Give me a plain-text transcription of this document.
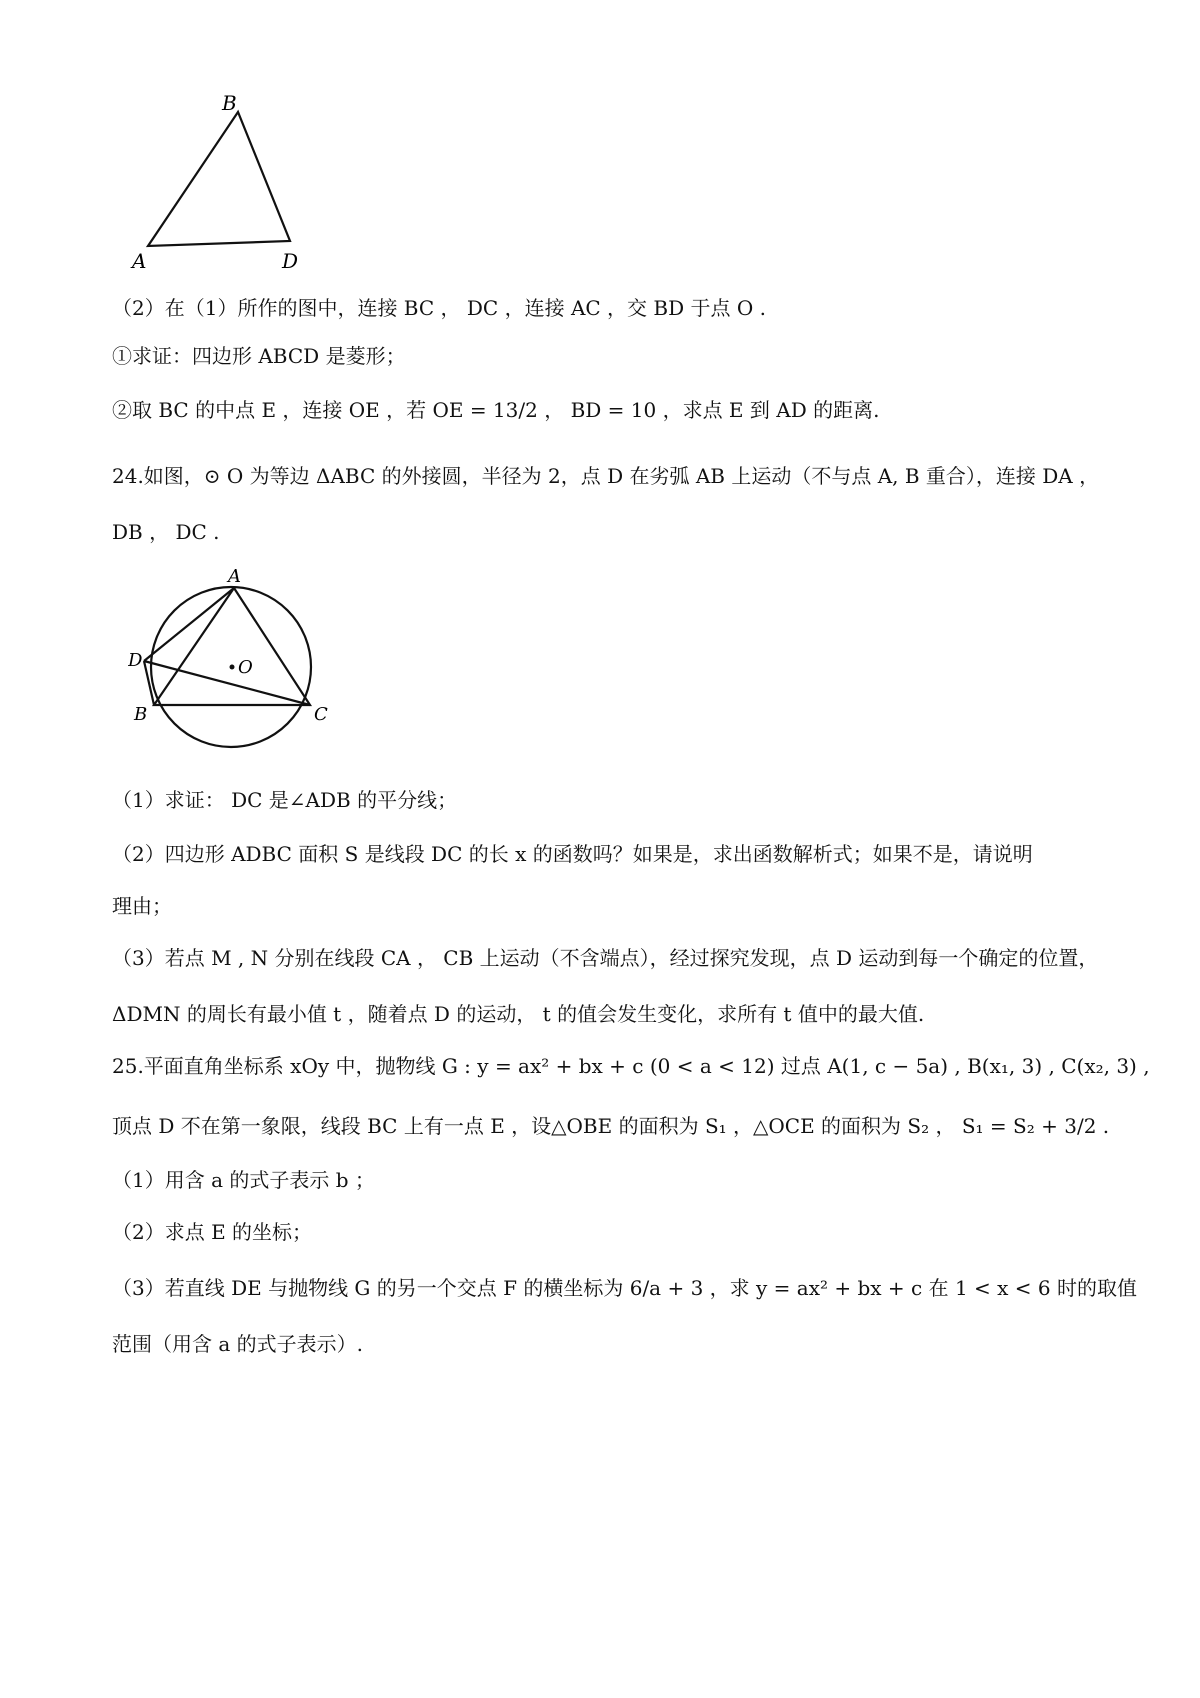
B
A	D
（2）在（1）所作的图中，连接 BC ， DC ，连接 AC ，交 BD 于点 O .
①求证：四边形 ABCD 是菱形；
②取 BC 的中点 E ，连接 OE ，若 OE = 13/2 ， BD = 10 ，求点 E 到 AD 的距离.
24.如图，⊙ O 为等边 ΔABC 的外接圆，半径为 2，点 D 在劣弧 AB 上运动（不与点 A, B 重合），连接 DA ，
DB ， DC .
A
D	O
B	C
（1）求证： DC 是∠ADB 的平分线；
（2）四边形 ADBC 面积 S 是线段 DC 的长 x 的函数吗？如果是，求出函数解析式；如果不是，请说明
理由；
（3）若点 M , N 分别在线段 CA ， CB 上运动（不含端点），经过探究发现，点 D 运动到每一个确定的位置，
ΔDMN 的周长有最小值 t ，随着点 D 的运动， t 的值会发生变化，求所有 t 值中的最大值.
25.平面直角坐标系 xOy 中，抛物线 G : y = ax² + bx + c (0 < a < 12) 过点 A(1, c − 5a) , B(x₁, 3) , C(x₂, 3) ,
顶点 D 不在第一象限，线段 BC 上有一点 E ，设△OBE 的面积为 S₁ ，△OCE 的面积为 S₂ ， S₁ = S₂ + 3/2 .
（1）用含 a 的式子表示 b ；
（2）求点 E 的坐标；
（3）若直线 DE 与抛物线 G 的另一个交点 F 的横坐标为 6/a + 3 ，求 y = ax² + bx + c 在 1 < x < 6 时的取值
范围（用含 a 的式子表示）.
